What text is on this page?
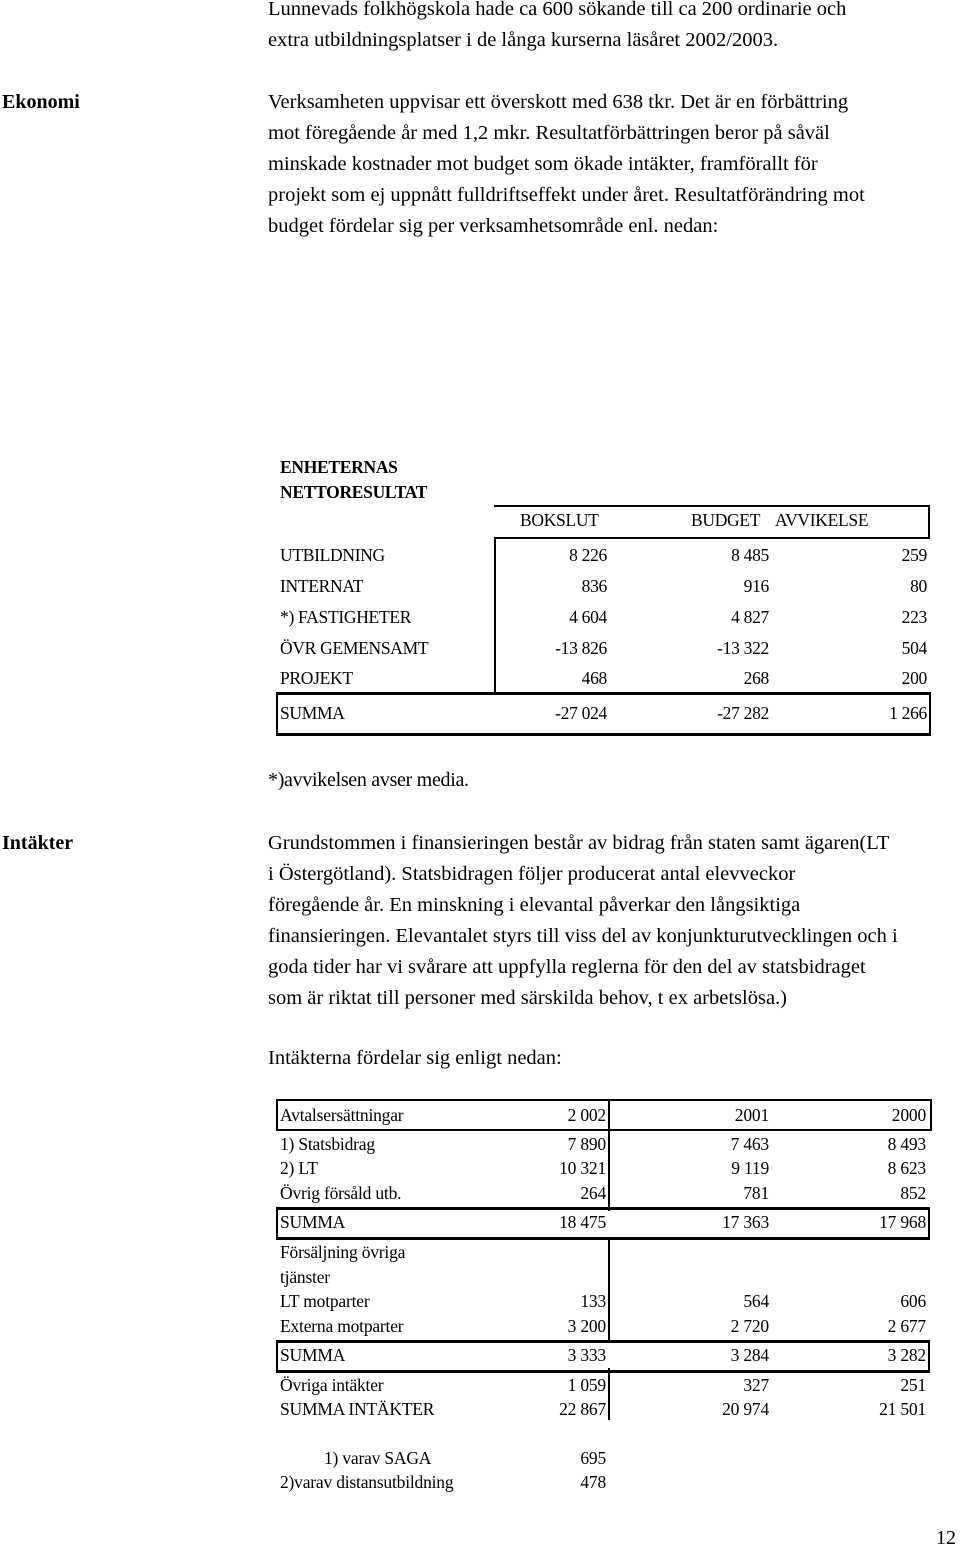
Lunnevads folkhögskola hade ca 600 sökande till ca 200 ordinarie och
extra utbildningsplatser i de långa kurserna läsåret 2002/2003.
Ekonomi	Verksamheten uppvisar ett överskott med 638 tkr. Det är en förbättring
mot föregående år med 1,2 mkr. Resultatförbättringen beror på såväl
minskade kostnader mot budget som ökade intäkter, framförallt för
projekt som ej uppnått fulldriftseffekt under året. Resultatförändring mot
budget fördelar sig per verksamhetsområde enl. nedan:
ENHETERNAS
NETTORESULTAT
BOKSLUT	BUDGET AVVIKELSE
UTBILDNING	8 226	8 485	259
INTERNAT	836	916	80
*) FASTIGHETER	4 604	4 827	223
ÖVR GEMENSAMT	-13 826	-13 322	504
PROJEKT	468	268	200
SUMMA	-27 024	-27 282	1 266
*)avvikelsen avser media.
Intäkter	Grundstommen i finansieringen består av bidrag från staten samt ägaren(LT
i Östergötland). Statsbidragen följer producerat antal elevveckor
föregående år. En minskning i elevantal påverkar den långsiktiga
finansieringen. Elevantalet styrs till viss del av konjunkturutvecklingen och i
goda tider har vi svårare att uppfylla reglerna för den del av statsbidraget
som är riktat till personer med särskilda behov, t ex arbetslösa.)
Intäkterna fördelar sig enligt nedan:
Avtalsersättningar	2 002	2001	2000
1) Statsbidrag	7 890	7 463	8 493
2) LT	10 321	9 119	8 623
Övrig försåld utb.	264	781	852
SUMMA	18 475	17 363	17 968
Försäljning övriga
tjänster
LT motparter	133	564	606
Externa motparter	3 200	2 720	2 677
SUMMA	3 333	3 284	3 282
Övriga intäkter	1 059	327	251
SUMMA INTÄKTER	22 867	20 974	21 501
1) varav SAGA	695
2)varav distansutbildning	478
12
